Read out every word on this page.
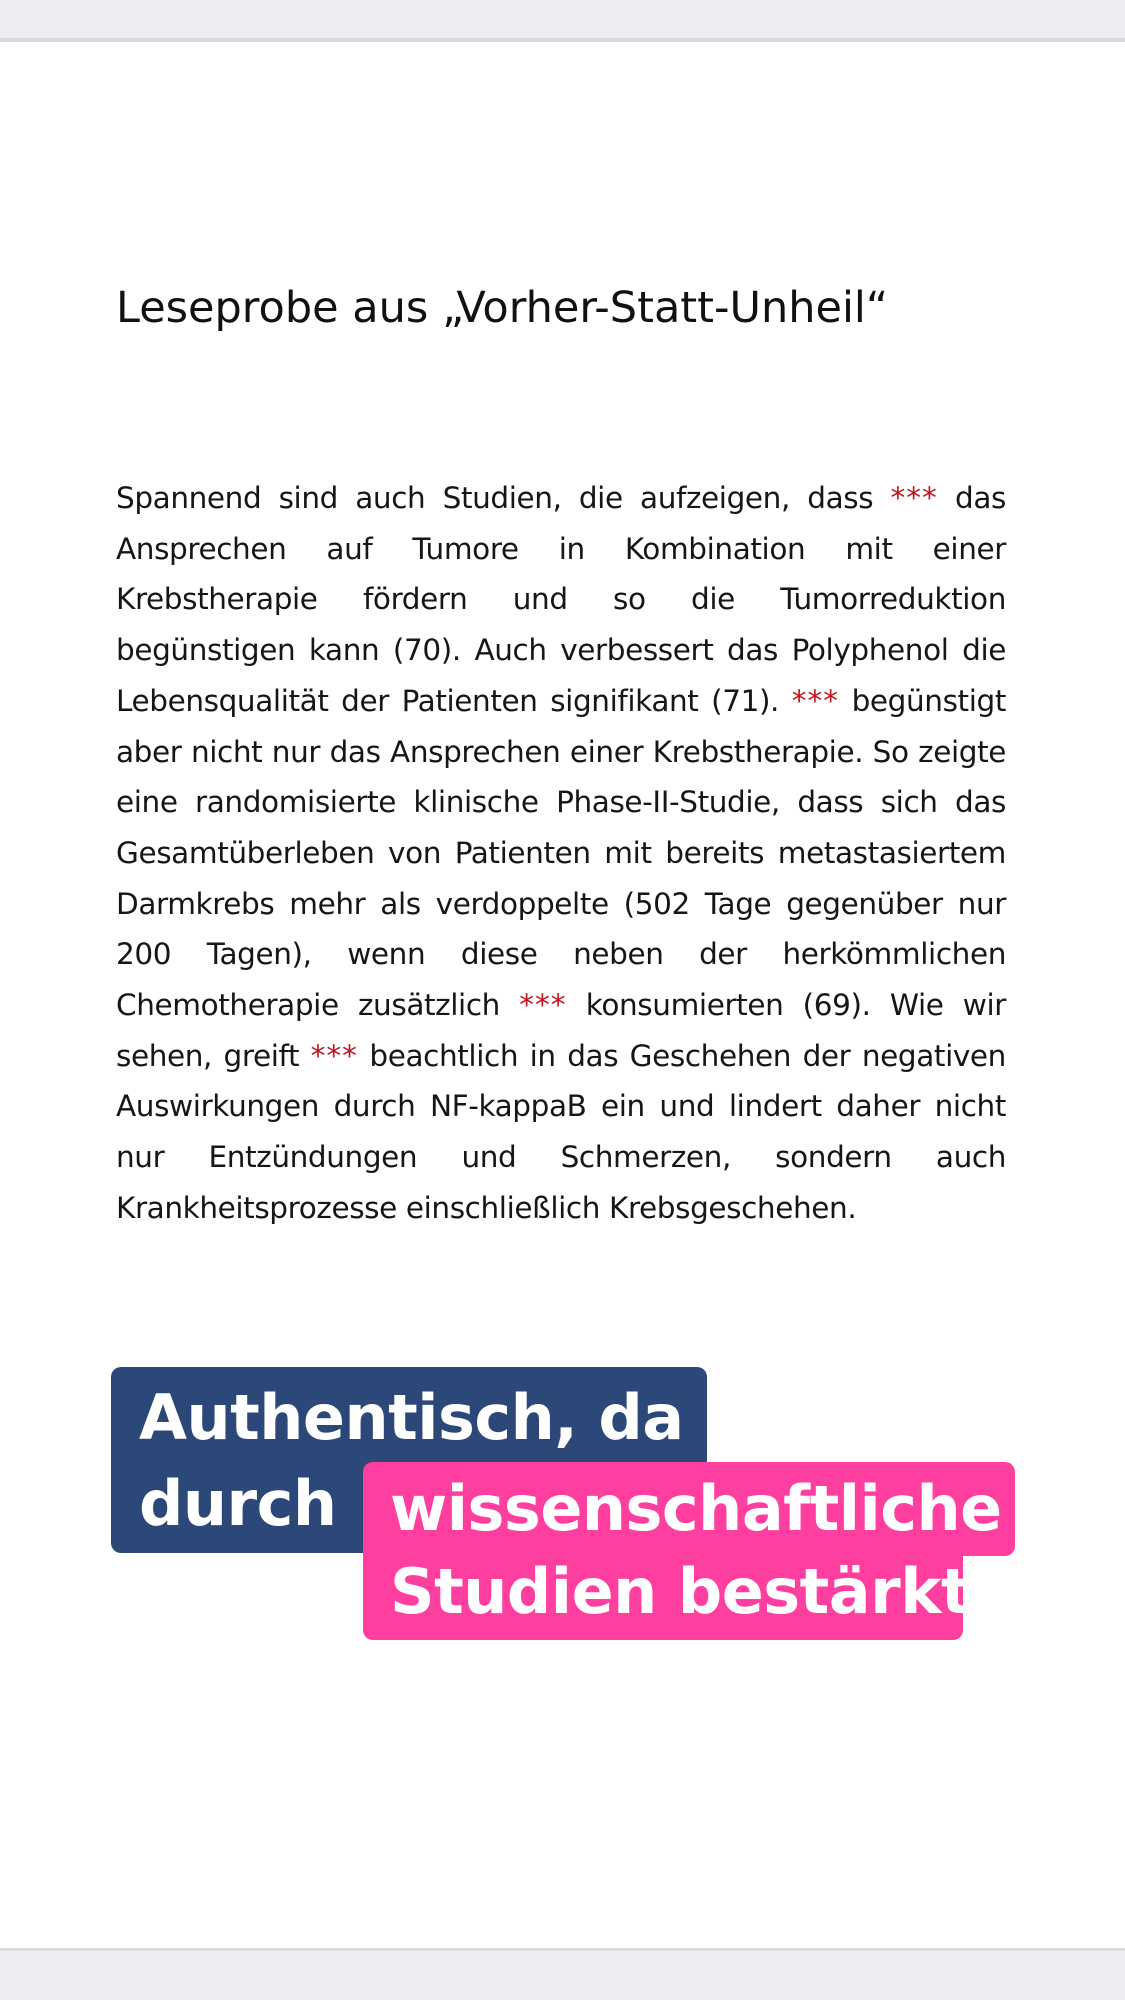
Leseprobe aus „Vorher-Statt-Unheil“

Spannend sind auch Studien, die aufzeigen, dass *** das Ansprechen auf Tumore in Kombination mit einer Krebstherapie fördern und so die Tumorreduktion begünstigen kann (70). Auch verbessert das Polyphenol die Lebensqualität der Patienten signifikant (71). *** begünstigt aber nicht nur das Ansprechen einer Krebstherapie. So zeigte eine randomisierte klinische Phase-II-Studie, dass sich das Gesamtüberleben von Patienten mit bereits metastasiertem Darmkrebs mehr als verdoppelte (502 Tage gegenüber nur 200 Tagen), wenn diese neben der herkömmlichen Chemotherapie zusätzlich *** konsumierten (69). Wie wir sehen, greift *** beachtlich in das Geschehen der negativen Auswirkungen durch NF-kappaB ein und lindert daher nicht nur Entzündungen und Schmerzen, sondern auch Krankheitsprozesse einschließlich Krebsgeschehen.

Authentisch, da
durch wissenschaftliche
Studien bestärkt
